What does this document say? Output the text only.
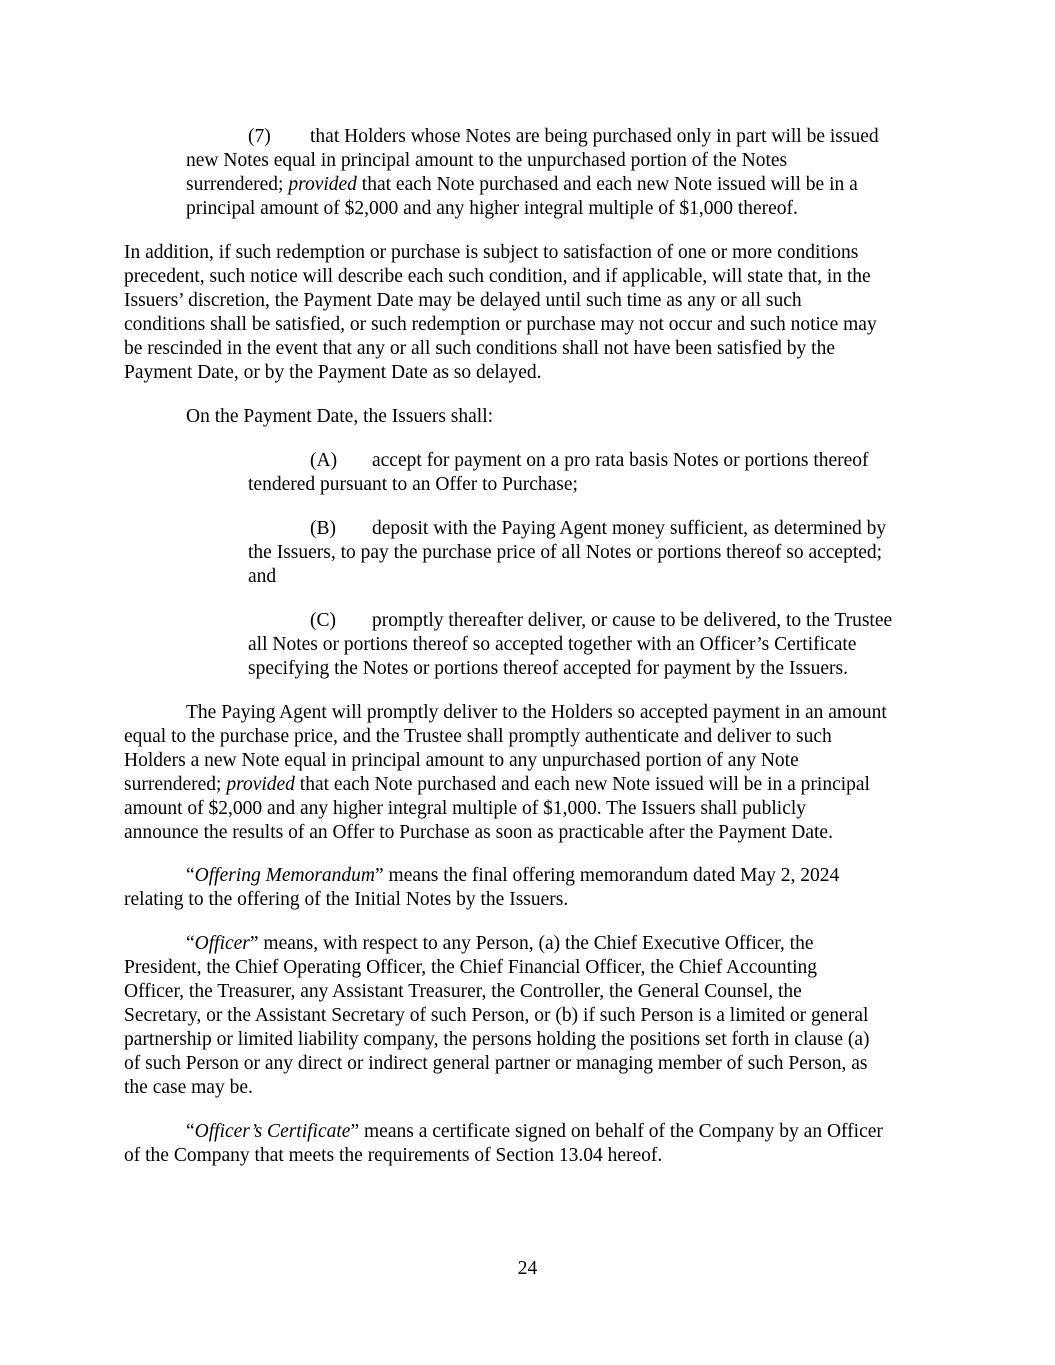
(7) that Holders whose Notes are being purchased only in part will be issued
new Notes equal in principal amount to the unpurchased portion of the Notes
surrendered; provided that each Note purchased and each new Note issued will be in a
principal amount of $2,000 and any higher integral multiple of $1,000 thereof.
In addition, if such redemption or purchase is subject to satisfaction of one or more conditions
precedent, such notice will describe each such condition, and if applicable, will state that, in the
Issuers’ discretion, the Payment Date may be delayed until such time as any or all such
conditions shall be satisfied, or such redemption or purchase may not occur and such notice may
be rescinded in the event that any or all such conditions shall not have been satisfied by the
Payment Date, or by the Payment Date as so delayed.
On the Payment Date, the Issuers shall:
(A) accept for payment on a pro rata basis Notes or portions thereof
tendered pursuant to an Offer to Purchase;
(B) deposit with the Paying Agent money sufficient, as determined by
the Issuers, to pay the purchase price of all Notes or portions thereof so accepted;
and
(C) promptly thereafter deliver, or cause to be delivered, to the Trustee
all Notes or portions thereof so accepted together with an Officer’s Certificate
specifying the Notes or portions thereof accepted for payment by the Issuers.
The Paying Agent will promptly deliver to the Holders so accepted payment in an amount
equal to the purchase price, and the Trustee shall promptly authenticate and deliver to such
Holders a new Note equal in principal amount to any unpurchased portion of any Note
surrendered; provided that each Note purchased and each new Note issued will be in a principal
amount of $2,000 and any higher integral multiple of $1,000. The Issuers shall publicly
announce the results of an Offer to Purchase as soon as practicable after the Payment Date.
“Offering Memorandum” means the final offering memorandum dated May 2, 2024
relating to the offering of the Initial Notes by the Issuers.
“Officer” means, with respect to any Person, (a) the Chief Executive Officer, the
President, the Chief Operating Officer, the Chief Financial Officer, the Chief Accounting
Officer, the Treasurer, any Assistant Treasurer, the Controller, the General Counsel, the
Secretary, or the Assistant Secretary of such Person, or (b) if such Person is a limited or general
partnership or limited liability company, the persons holding the positions set forth in clause (a)
of such Person or any direct or indirect general partner or managing member of such Person, as
the case may be.
“Officer’s Certificate” means a certificate signed on behalf of the Company by an Officer
of the Company that meets the requirements of Section 13.04 hereof.
24
